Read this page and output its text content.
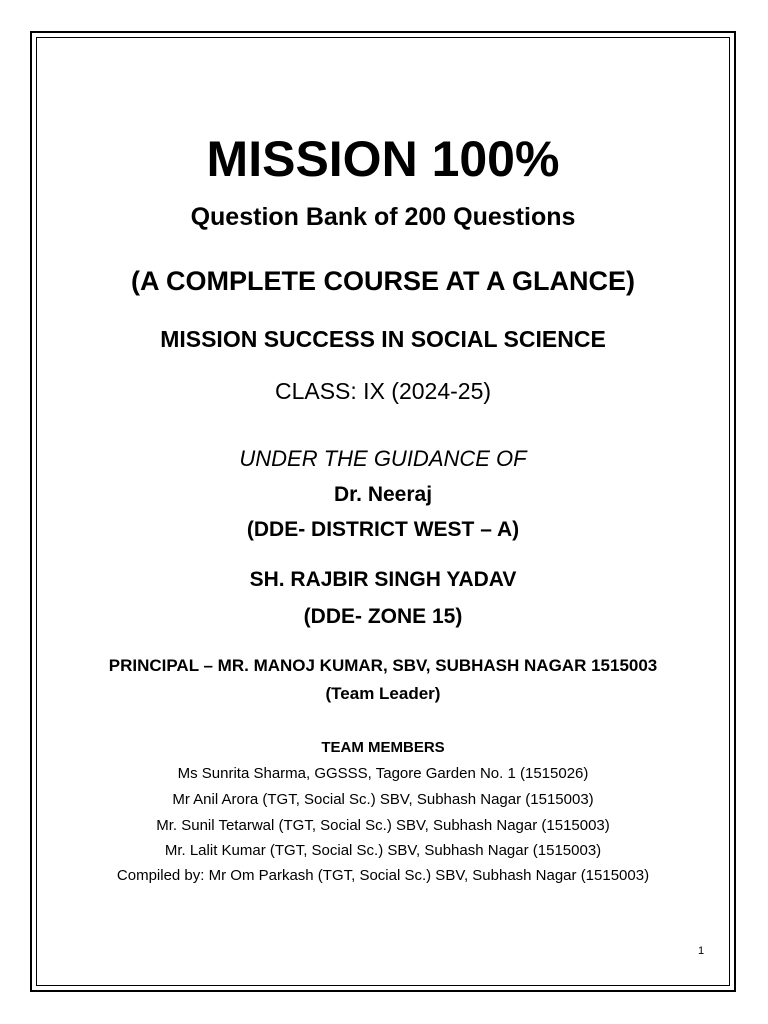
MISSION 100%
Question Bank of 200 Questions
(A COMPLETE COURSE AT A GLANCE)
MISSION SUCCESS IN SOCIAL SCIENCE
CLASS: IX (2024-25)
UNDER THE GUIDANCE OF
Dr. Neeraj
(DDE- DISTRICT WEST – A)
SH. RAJBIR SINGH YADAV
(DDE- ZONE 15)
PRINCIPAL – MR. MANOJ KUMAR, SBV, SUBHASH NAGAR 1515003
(Team Leader)
TEAM MEMBERS
Ms Sunrita Sharma, GGSSS, Tagore Garden No. 1 (1515026)
Mr Anil Arora (TGT, Social Sc.) SBV, Subhash Nagar (1515003)
Mr. Sunil Tetarwal (TGT, Social Sc.) SBV, Subhash Nagar (1515003)
Mr. Lalit Kumar (TGT, Social Sc.) SBV, Subhash Nagar (1515003)
Compiled by: Mr Om Parkash (TGT, Social Sc.) SBV, Subhash Nagar (1515003)
1
